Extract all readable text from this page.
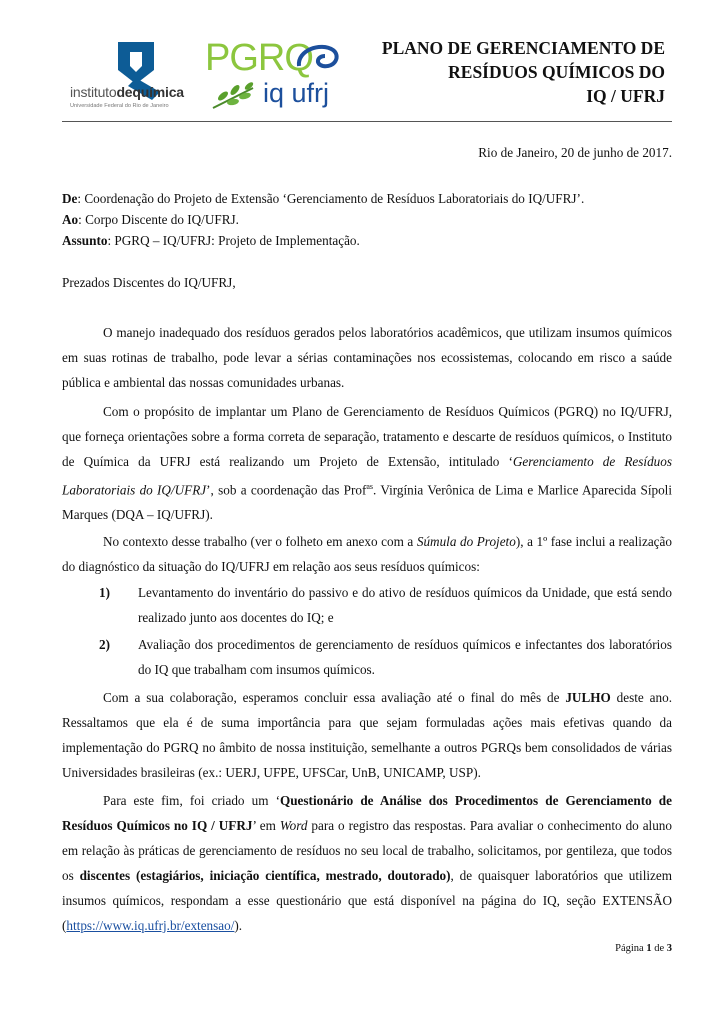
institutodequímica
Universidade Federal do Rio de Janeiro
PGRQ
iq ufrj
PLANO DE GERENCIAMENTO DE
RESÍDUOS QUÍMICOS DO
IQ / UFRJ
Rio de Janeiro, 20 de junho de 2017.
De: Coordenação do Projeto de Extensão ‘Gerenciamento de Resíduos Laboratoriais do IQ/UFRJ’.
Ao: Corpo Discente do IQ/UFRJ.
Assunto: PGRQ – IQ/UFRJ: Projeto de Implementação.
Prezados Discentes do IQ/UFRJ,
O manejo inadequado dos resíduos gerados pelos laboratórios acadêmicos, que utilizam insumos químicos em suas rotinas de trabalho, pode levar a sérias contaminações nos ecossistemas, colocando em risco a saúde pública e ambiental das nossas comunidades urbanas.
Com o propósito de implantar um Plano de Gerenciamento de Resíduos Químicos (PGRQ) no IQ/UFRJ, que forneça orientações sobre a forma correta de separação, tratamento e descarte de resíduos químicos, o Instituto de Química da UFRJ está realizando um Projeto de Extensão, intitulado ‘Gerenciamento de Resíduos Laboratoriais do IQ/UFRJ’, sob a coordenação das Prof$^{as}$. Virgínia Verônica de Lima e Marlice Aparecida Sípoli Marques (DQA – IQ/UFRJ).
No contexto desse trabalho (ver o folheto em anexo com a Súmula do Projeto), a 1º fase inclui a realização do diagnóstico da situação do IQ/UFRJ em relação aos seus resíduos químicos:
1) Levantamento do inventário do passivo e do ativo de resíduos químicos da Unidade, que está sendo realizado junto aos docentes do IQ; e
2) Avaliação dos procedimentos de gerenciamento de resíduos químicos e infectantes dos laboratórios do IQ que trabalham com insumos químicos.
Com a sua colaboração, esperamos concluir essa avaliação até o final do mês de JULHO deste ano. Ressaltamos que ela é de suma importância para que sejam formuladas ações mais efetivas quando da implementação do PGRQ no âmbito de nossa instituição, semelhante a outros PGRQs bem consolidados de várias Universidades brasileiras (ex.: UERJ, UFPE, UFSCar, UnB, UNICAMP, USP).
Para este fim, foi criado um ‘Questionário de Análise dos Procedimentos de Gerenciamento de Resíduos Químicos no IQ / UFRJ’ em Word para o registro das respostas. Para avaliar o conhecimento do aluno em relação às práticas de gerenciamento de resíduos no seu local de trabalho, solicitamos, por gentileza, que todos os discentes (estagiários, iniciação científica, mestrado, doutorado), de quaisquer laboratórios que utilizem insumos químicos, respondam a esse questionário que está disponível na página do IQ, seção EXTENSÃO (https://www.iq.ufrj.br/extensao/).
Página 1 de 3
